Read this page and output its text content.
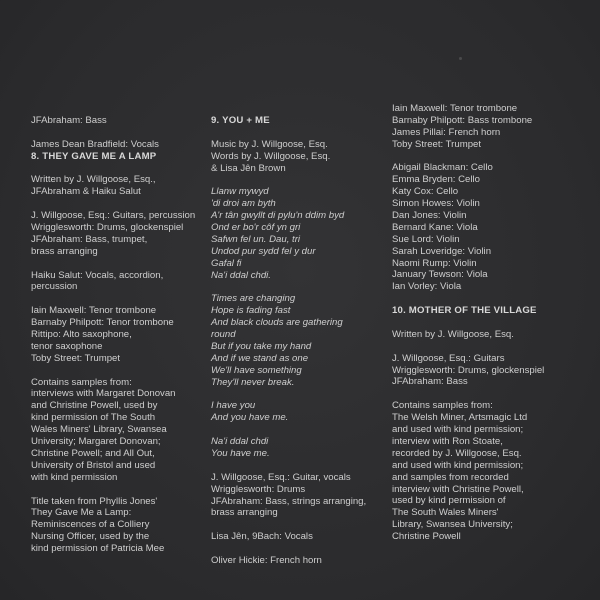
JFAbraham: Bass
James Dean Bradfield: Vocals
8. THEY GAVE ME A LAMP
Written by J. Willgoose, Esq.,
JFAbraham & Haiku Salut
J. Willgoose, Esq.: Guitars, percussion
Wrigglesworth: Drums, glockenspiel
JFAbraham: Bass, trumpet,
brass arranging
Haiku Salut: Vocals, accordion,
percussion
Iain Maxwell: Tenor trombone
Barnaby Philpott: Tenor trombone
Rittipo: Alto saxophone,
tenor saxophone
Toby Street: Trumpet
Contains samples from:
interviews with Margaret Donovan
and Christine Powell, used by
kind permission of The South
Wales Miners' Library, Swansea
University; Margaret Donovan;
Christine Powell; and All Out,
University of Bristol and used
with kind permission
Title taken from Phyllis Jones'
They Gave Me a Lamp:
Reminiscences of a Colliery
Nursing Officer, used by the
kind permission of Patricia Mee
9. YOU + ME
Music by J. Willgoose, Esq.
Words by J. Willgoose, Esq.
& Lisa Jên Brown
Llanw mywyd
'di droi am byth
A'r tân gwyllt di pylu'n ddim byd
Ond er bo'r côf yn gri
Safwn fel un. Dau, tri
Undod pur sydd fel y dur
Gafal fi
Na'i ddal chdi.
Times are changing
Hope is fading fast
And black clouds are gathering
round
But if you take my hand
And if we stand as one
We'll have something
They'll never break.
I have you
And you have me.
Na'i ddal chdi
You have me.
J. Willgoose, Esq.: Guitar, vocals
Wrigglesworth: Drums
JFAbraham: Bass, strings arranging,
brass arranging
Lisa Jên, 9Bach: Vocals
Oliver Hickie: French horn
Iain Maxwell: Tenor trombone
Barnaby Philpott: Bass trombone
James Pillai: French horn
Toby Street: Trumpet
Abigail Blackman: Cello
Emma Bryden: Cello
Katy Cox: Cello
Simon Howes: Violin
Dan Jones: Violin
Bernard Kane: Viola
Sue Lord: Violin
Sarah Loveridge: Violin
Naomi Rump: Violin
January Tewson: Viola
Ian Vorley: Viola
10. MOTHER OF THE VILLAGE
Written by J. Willgoose, Esq.
J. Willgoose, Esq.: Guitars
Wrigglesworth: Drums, glockenspiel
JFAbraham: Bass
Contains samples from:
The Welsh Miner, Artsmagic Ltd
and used with kind permission;
interview with Ron Stoate,
recorded by J. Willgoose, Esq.
and used with kind permission;
and samples from recorded
interview with Christine Powell,
used by kind permission of
The South Wales Miners'
Library, Swansea University;
Christine Powell
